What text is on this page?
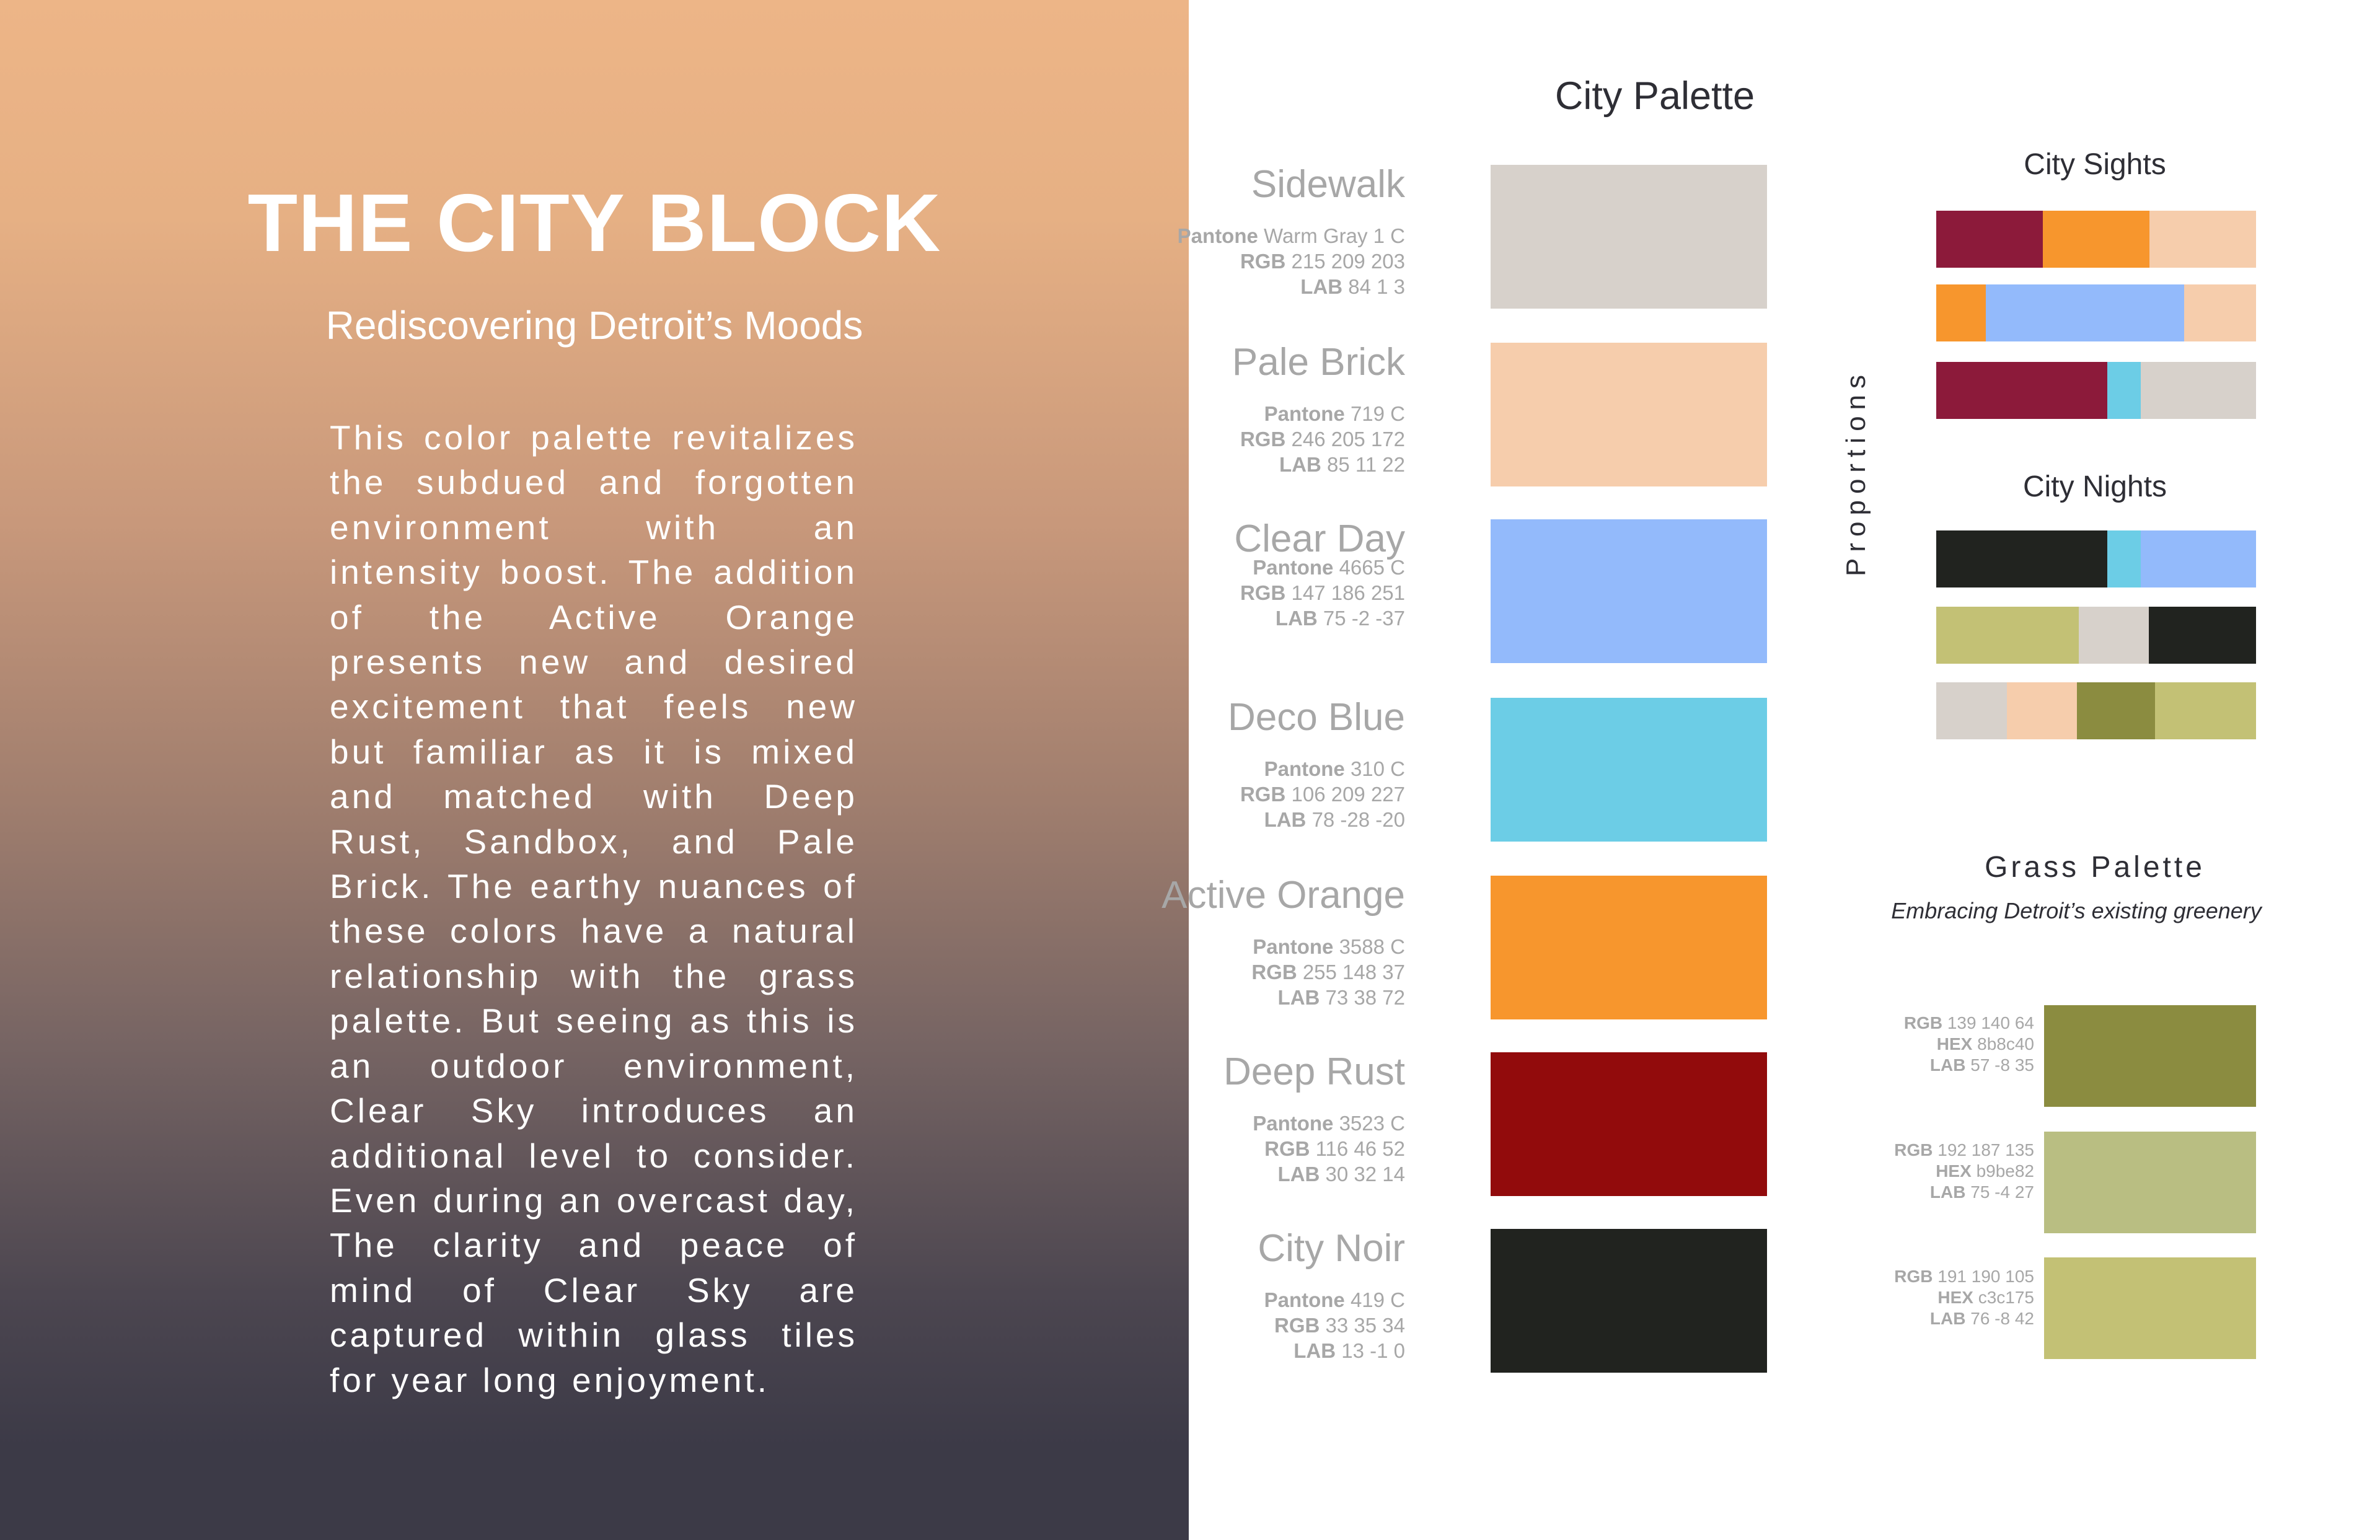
THE CITY BLOCK
Rediscovering Detroit’s Moods
This color palette revitalizes the subdued and forgotten environment with an intensity boost. The addition of the Active Orange presents new and desired excitement that feels new but familiar as it is mixed and matched with Deep Rust, Sandbox, and Pale Brick. The earthy nuances of these colors have a natural relationship with the grass palette. But seeing as this is an outdoor environment, Clear Sky introduces an additional level to consider. Even during an overcast day, The clarity and peace of mind of Clear Sky are captured within glass tiles for year long enjoyment.
City Palette
Sidewalk
Pantone Warm Gray 1 C
RGB 215 209 203
LAB 84 1 3
Pale Brick
Pantone 719 C
RGB 246 205 172
LAB 85 11 22
Clear Day
Pantone 4665 C
RGB 147 186 251
LAB 75 -2 -37
Deco Blue
Pantone 310 C
RGB 106 209 227
LAB 78 -28 -20
Active Orange
Pantone 3588 C
RGB 255 148 37
LAB 73 38 72
Deep Rust
Pantone 3523 C
RGB 116 46 52
LAB 30 32 14
City Noir
Pantone 419 C
RGB 33 35 34
LAB 13 -1 0
Proportions
City Sights
City Nights
Grass Palette
Embracing Detroit’s existing greenery
RGB 139 140 64
HEX 8b8c40
LAB 57 -8 35
RGB 192 187 135
HEX b9be82
LAB 75 -4 27
RGB 191 190 105
HEX c3c175
LAB 76 -8 42
